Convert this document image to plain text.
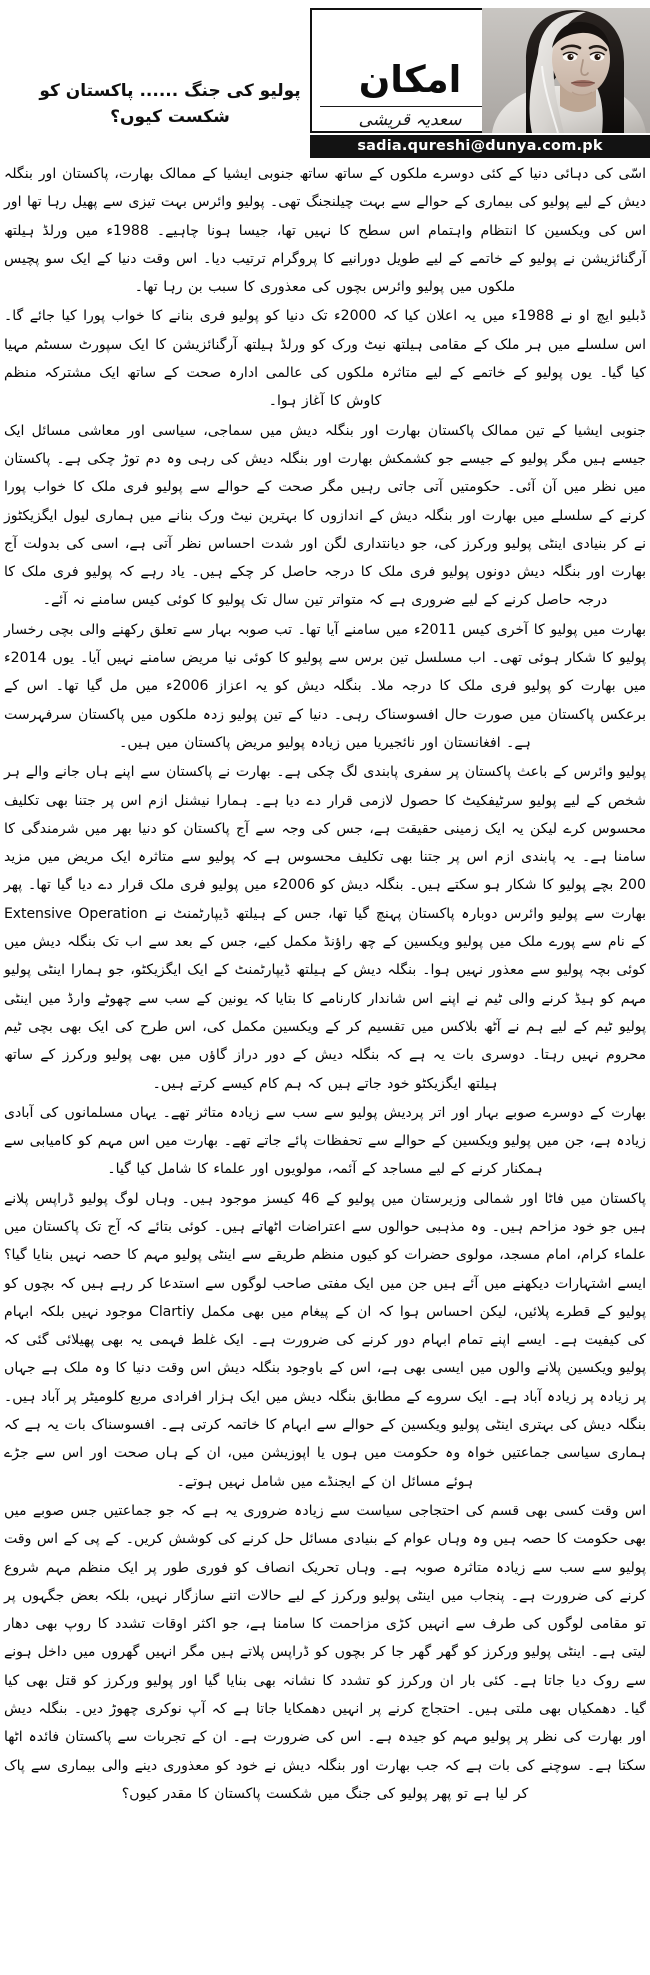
پولیو کی جنگ ...... پاکستان کو شکست کیوں؟
امکان
سعدیہ قریشی
sadia.qureshi@dunya.com.pk

اسّی کی دہائی دنیا کے کئی دوسرے ملکوں کے ساتھ ساتھ جنوبی ایشیا کے ممالک بھارت، پاکستان اور بنگلہ دیش کے لیے پولیو کی بیماری کے حوالے سے بہت چیلنجنگ تھی۔ پولیو وائرس بہت تیزی سے پھیل رہا تھا اور اس کی ویکسین کا انتظام واہتمام اس سطح کا نہیں تھا، جیسا ہونا چاہیے۔ 1988ء میں ورلڈ ہیلتھ آرگنائزیشن نے پولیو کے خاتمے کے لیے طویل دورانیے کا پروگرام ترتیب دیا۔ اس وقت دنیا کے ایک سو پچیس ملکوں میں پولیو وائرس بچوں کی معذوری کا سبب بن رہا تھا۔

ڈبلیو ایچ او نے 1988ء میں یہ اعلان کیا کہ 2000ء تک دنیا کو پولیو فری بنانے کا خواب پورا کیا جائے گا۔ اس سلسلے میں ہر ملک کے مقامی ہیلتھ نیٹ ورک کو ورلڈ ہیلتھ آرگنائزیشن کا ایک سپورٹ سسٹم مہیا کیا گیا۔ یوں پولیو کے خاتمے کے لیے متاثرہ ملکوں کی عالمی ادارہ صحت کے ساتھ ایک مشترکہ منظم کاوش کا آغاز ہوا۔

جنوبی ایشیا کے تین ممالک پاکستان بھارت اور بنگلہ دیش میں سماجی، سیاسی اور معاشی مسائل ایک جیسے ہیں مگر پولیو کے جیسے جو کشمکش بھارت اور بنگلہ دیش کی رہی وہ دم توڑ چکی ہے۔ پاکستان میں نظر میں آن آئی۔ حکومتیں آتی جاتی رہیں مگر صحت کے حوالے سے پولیو فری ملک کا خواب پورا کرنے کے سلسلے میں بھارت اور بنگلہ دیش کے اندازوں کا بہترین نیٹ ورک بنانے میں ہماری لیول ایگزیکٹوز نے کر بنیادی اینٹی پولیو ورکرز کی، جو دیانتداری لگن اور شدت احساس نظر آتی ہے، اسی کی بدولت آج بھارت اور بنگلہ دیش دونوں پولیو فری ملک کا درجہ حاصل کر چکے ہیں۔ یاد رہے کہ پولیو فری ملک کا درجہ حاصل کرنے کے لیے ضروری ہے کہ متواتر تین سال تک پولیو کا کوئی کیس سامنے نہ آئے۔

بھارت میں پولیو کا آخری کیس 2011ء میں سامنے آیا تھا۔ تب صوبہ بہار سے تعلق رکھنے والی بچی رخسار پولیو کا شکار ہوئی تھی۔ اب مسلسل تین برس سے پولیو کا کوئی نیا مریض سامنے نہیں آیا۔ یوں 2014ء میں بھارت کو پولیو فری ملک کا درجہ ملا۔ بنگلہ دیش کو یہ اعزاز 2006ء میں مل گیا تھا۔ اس کے برعکس پاکستان میں صورت حال افسوسناک رہی۔ دنیا کے تین پولیو زدہ ملکوں میں پاکستان سرفہرست ہے۔ افغانستان اور نائجیریا میں زیادہ پولیو مریض پاکستان میں ہیں۔

پولیو وائرس کے باعث پاکستان پر سفری پابندی لگ چکی ہے۔ بھارت نے پاکستان سے اپنے ہاں جانے والے ہر شخص کے لیے پولیو سرٹیفکیٹ کا حصول لازمی قرار دے دیا ہے۔ ہمارا نیشنل ازم اس پر جتنا بھی تکلیف محسوس کرے لیکن یہ ایک زمینی حقیقت ہے، جس کی وجہ سے آج پاکستان کو دنیا بھر میں شرمندگی کا سامنا ہے۔ یہ پابندی ازم اس پر جتنا بھی تکلیف محسوس ہے کہ پولیو سے متاثرہ ایک مریض میں مزید 200 بچے پولیو کا شکار ہو سکتے ہیں۔ بنگلہ دیش کو 2006ء میں پولیو فری ملک قرار دے دیا گیا تھا۔ پھر بھارت سے پولیو وائرس دوبارہ پاکستان پہنچ گیا تھا، جس کے ہیلتھ ڈیپارٹمنٹ نے Extensive Operation کے نام سے پورے ملک میں پولیو ویکسین کے چھ راؤنڈ مکمل کیے، جس کے بعد سے اب تک بنگلہ دیش میں کوئی بچہ پولیو سے معذور نہیں ہوا۔ بنگلہ دیش کے ہیلتھ ڈیپارٹمنٹ کے ایک ایگزیکٹو، جو ہمارا اینٹی پولیو مہم کو ہیڈ کرنے والی ٹیم نے اپنے اس شاندار کارنامے کا بتایا کہ یونین کے سب سے چھوٹے وارڈ میں اینٹی پولیو ٹیم کے لیے ہم نے آٹھ بلاکس میں تقسیم کر کے ویکسین مکمل کی، اس طرح کی ایک بھی بچی ٹیم محروم نہیں رہتا۔ دوسری بات یہ ہے کہ بنگلہ دیش کے دور دراز گاؤں میں بھی پولیو ورکرز کے ساتھ ہیلتھ ایگزیکٹو خود جاتے ہیں کہ ہم کام کیسے کرتے ہیں۔

بھارت کے دوسرے صوبے بہار اور اتر پردیش پولیو سے سب سے زیادہ متاثر تھے۔ یہاں مسلمانوں کی آبادی زیادہ ہے، جن میں پولیو ویکسین کے حوالے سے تحفظات پائے جاتے تھے۔ بھارت میں اس مہم کو کامیابی سے ہمکنار کرنے کے لیے مساجد کے آئمہ، مولویوں اور علماء کا شامل کیا گیا۔

پاکستان میں فاٹا اور شمالی وزیرستان میں پولیو کے 46 کیسز موجود ہیں۔ وہاں لوگ پولیو ڈراپس پلانے ہیں جو خود مزاحم ہیں۔ وہ مذہبی حوالوں سے اعتراضات اٹھاتے ہیں۔ کوئی بتائے کہ آج تک پاکستان میں علماء کرام، امام مسجد، مولوی حضرات کو کیوں منظم طریقے سے اینٹی پولیو مہم کا حصہ نہیں بنایا گیا؟ ایسے اشتہارات دیکھنے میں آئے ہیں جن میں ایک مفتی صاحب لوگوں سے استدعا کر رہے ہیں کہ بچوں کو پولیو کے قطرے پلائیں، لیکن احساس ہوا کہ ان کے پیغام میں بھی مکمل Clartiy موجود نہیں بلکہ ابہام کی کیفیت ہے۔ ایسے اپنے تمام ابہام دور کرنے کی ضرورت ہے۔ ایک غلط فہمی یہ بھی پھیلائی گئی کہ پولیو ویکسین پلانے والوں میں ایسی بھی ہے، اس کے باوجود بنگلہ دیش اس وقت دنیا کا وہ ملک ہے جہاں پر زیادہ پر زیادہ آباد ہے۔ ایک سروے کے مطابق بنگلہ دیش میں ایک ہزار افرادی مربع کلومیٹر پر آباد ہیں۔ بنگلہ دیش کی بہتری اینٹی پولیو ویکسین کے حوالے سے ابہام کا خاتمہ کرتی ہے۔ افسوسناک بات یہ ہے کہ ہماری سیاسی جماعتیں خواہ وہ حکومت میں ہوں یا اپوزیشن میں، ان کے ہاں صحت اور اس سے جڑے ہوئے مسائل ان کے ایجنڈے میں شامل نہیں ہوتے۔

اس وقت کسی بھی قسم کی احتجاجی سیاست سے زیادہ ضروری یہ ہے کہ جو جماعتیں جس صوبے میں بھی حکومت کا حصہ ہیں وہ وہاں عوام کے بنیادی مسائل حل کرنے کی کوشش کریں۔ کے پی کے اس وقت پولیو سے سب سے زیادہ متاثرہ صوبہ ہے۔ وہاں تحریک انصاف کو فوری طور پر ایک منظم مہم شروع کرنے کی ضرورت ہے۔ پنجاب میں اینٹی پولیو ورکرز کے لیے حالات اتنے سازگار نہیں، بلکہ بعض جگہوں پر تو مقامی لوگوں کی طرف سے انہیں کڑی مزاحمت کا سامنا ہے، جو اکثر اوقات تشدد کا روپ بھی دھار لیتی ہے۔ اینٹی پولیو ورکرز کو گھر گھر جا کر بچوں کو ڈراپس پلاتے ہیں مگر انہیں گھروں میں داخل ہونے سے روک دیا جاتا ہے۔ کئی بار ان ورکرز کو تشدد کا نشانہ بھی بنایا گیا اور پولیو ورکرز کو قتل بھی کیا گیا۔ دھمکیاں بھی ملتی ہیں۔ احتجاج کرنے پر انہیں دھمکایا جاتا ہے کہ آپ نوکری چھوڑ دیں۔ بنگلہ دیش اور بھارت کی نظر پر پولیو مہم کو جیدہ ہے۔ اس کی ضرورت ہے۔ ان کے تجربات سے پاکستان فائدہ اٹھا سکتا ہے۔ سوچنے کی بات ہے کہ جب بھارت اور بنگلہ دیش نے خود کو معذوری دینے والی بیماری سے پاک کر لیا ہے تو پھر پولیو کی جنگ میں شکست پاکستان کا مقدر کیوں؟
